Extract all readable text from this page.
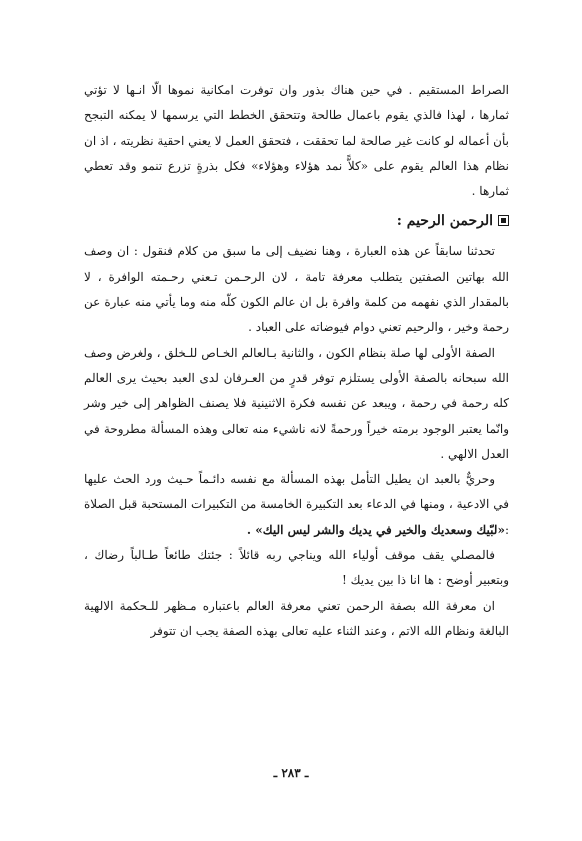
الصراط المستقيم . في حين هناك بذور وان توفرت امكانية نموها الّا انـها لا تؤتي ثمارها ، لهذا فالذي يقوم باعمال طالحة وتتحقق الخطط التي يرسمها لا يمكنه التبجح بأن أعماله لو كانت غير صالحة لما تحققت ، فتحقق العمل لا يعني احقية نظريته ، اذ ان نظام هذا العالم يقوم على «كلاًّ نمد هؤلاء وهؤلاء» فكل بذرةٍ تزرع تنمو وقد تعطي ثمارها .

الرحمن الرحيم :

تحدثنا سابقاً عن هذه العبارة ، وهنا نضيف إلى ما سبق من كلام فنقول : ان وصف الله بهاتين الصفتين يتطلب معرفة تامة ، لان الرحـمن تـعني رحـمته الوافرة ، لا بالمقدار الذي نفهمه من كلمة وافرة بل ان عالم الكون كلّه منه وما يأتي منه عبارة عن رحمة وخير ، والرحيم تعني دوام فيوضاته على العباد .

الصفة الأولى لها صلة بنظام الكون ، والثانية بـالعالم الخـاص للـخلق ، ولغرض وصف الله سبحانه بالصفة الأولى يستلزم توفر قدرٍ من العـرفان لدى العبد بحيث يرى العالم كله رحمة في رحمة ، ويبعد عن نفسه فكرة الاثنينية فلا يصنف الظواهر إلى خير وشر وانّما يعتبر الوجود برمته خيراً ورحمةً لانه ناشيء منه تعالى وهذه المسألة مطروحة في العدل الالهي .

وحريٌّ بالعبد ان يطيل التأمل بهذه المسألة مع نفسه دائـماً حـيث ورد الحث عليها في الادعية ، ومنها في الدعاء بعد التكبيرة الخامسة من التكبيرات المستحبة قبل الصلاة :«لبّيك وسعديك والخير في يديك والشر ليس اليك» .

فالمصلي يقف موقف أولياء الله ويناجي ربه قائلاً : جئتك طائعاً طـالباً رضاك ، وبتعبير أوضح : ها انا ذا بين يديك !

ان معرفة الله بصفة الرحمن تعني معرفة العالم باعتباره مـظهر للـحكمة الالهية البالغة ونظام الله الاتم ، وعند الثناء عليه تعالى بهذه الصفة يجب ان تتوفر

ـ ٢٨٣ ـ
